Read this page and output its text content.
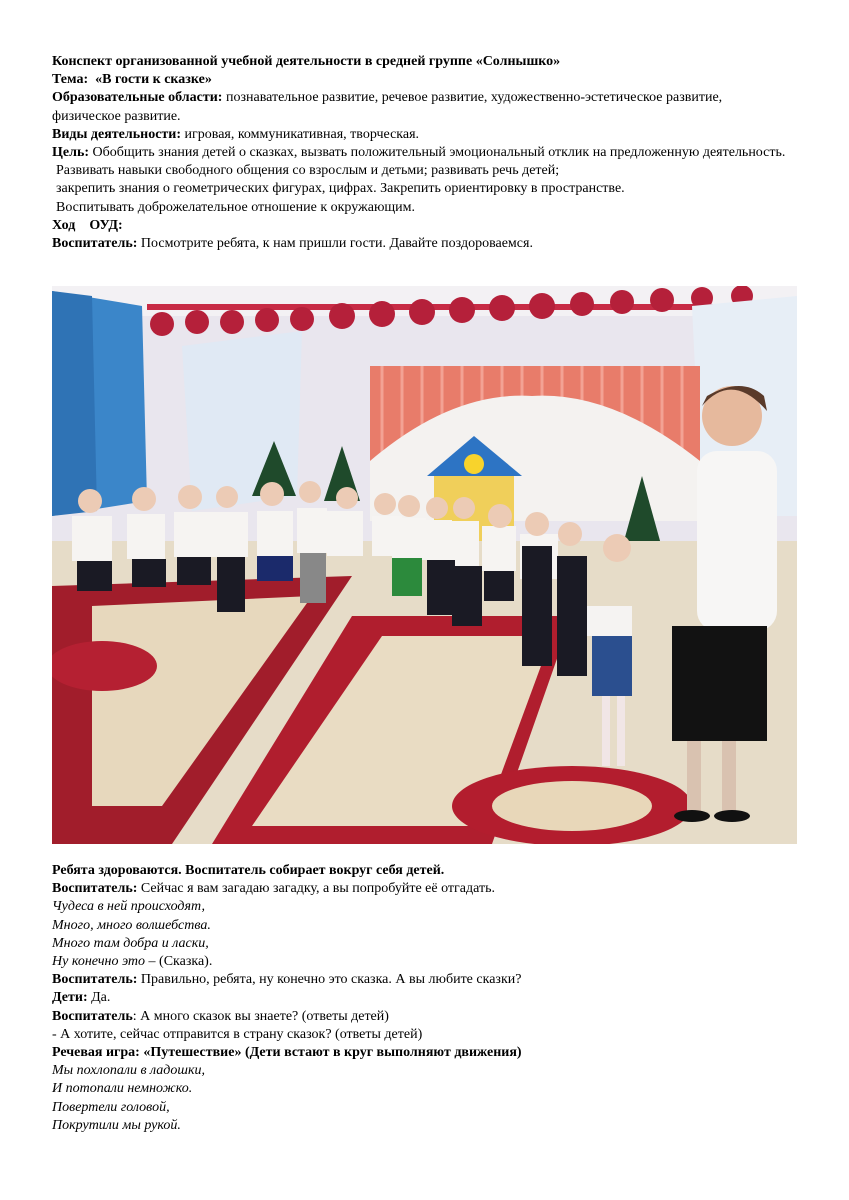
Конспект организованной учебной деятельности в средней группе «Солнышко»

Тема: «В гости к сказке»

Образовательные области: познавательное развитие, речевое развитие, художественно-эстетическое развитие, физическое развитие.

Виды деятельности: игровая, коммуникативная, творческая.

Цель: Обобщить знания детей о сказках, вызвать положительный эмоциональный отклик на предложенную деятельность.

Развивать навыки свободного общения со взрослым и детьми; развивать речь детей;

закрепить знания о геометрических фигурах, цифрах. Закрепить ориентировку в пространстве.

Воспитывать доброжелательное отношение к окружающим.

Ход    ОУД:

Воспитатель: Посмотрите ребята, к нам пришли гости. Давайте поздороваемся.

Ребята здороваются. Воспитатель собирает вокруг себя детей.

Воспитатель: Сейчас я вам загадаю загадку, а вы попробуйте её отгадать.

Чудеса в ней происходят,

Много, много волшебства.

Много там добра и ласки,

Ну конечно это – (Сказка).

Воспитатель: Правильно, ребята, ну конечно это сказка. А вы любите сказки?

Дети: Да.

Воспитатель: А много сказок вы знаете? (ответы детей)

- А хотите, сейчас отправится в страну сказок? (ответы детей)

Речевая игра: «Путешествие» (Дети встают в круг выполняют движения)

Мы похлопали в ладошки,

И потопали немножко.

Повертели головой,

Покрутили мы рукой.
